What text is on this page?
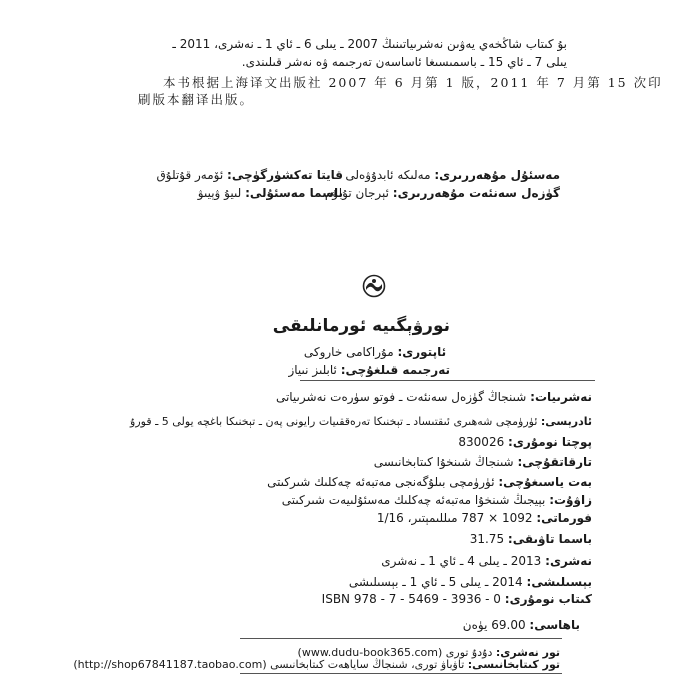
بۇ كىتاب شاڭخەي يەۋىن نەشرىياتىنىڭ 2007 ـ يىلى 6 ـ ئاي 1 ـ نەشرى، 2011 ـ
يىلى 7 ـ ئاي 15 ـ باسمىسىغا ئاساسەن تەرجىمە ۋە نەشر قىلىندى.
本书根据上海译文出版社 2007 年 6 月第 1 版，2011 年 7 月第 15 次印
刷版本翻译出版。
مەسئۇل مۇھەررىرى: مەلىكە ئابدۇۋەلى
قايتا تەكشۈرگۈچى: ئۆمەر قۇتلۇق
گۈزەل سەنئەت مۇھەررىرى: ئېرجان تۇلۇم
باسما مەسئۇلى: لىيۇ ۋېيىۋ
نورۋېگىيە ئورمانلىقى
ئاپتورى: مۇراكامى خاروكى
تەرجىمە قىلغۇچى: ئابلىز نىياز
نەشرىيات: شىنجاڭ گۈزەل سەنئەت ـ فوتو سۈرەت نەشرىياتى
ئادرېسى: ئۈرۈمچى شەھىرى ئىقتىساد ـ تېخنىكا تەرەققىيات رايونى پەن ـ تېخنىكا باغچە يولى 5 ـ قورۇ
پوچتا نومۇرى: 830026
تارقاتقۇچى: شىنجاڭ شىنخۇا كىتابخانىسى
بەت ياسىغۇچى: ئۈرۈمچى بىلۇگەنجى مەتبەئە چەكلىك شىركىتى
زاۋۇت: بېيجىڭ شىنخۇا مەتبەئە چەكلىك مەسئۇلىيەت شىركىتى
فورماتى: 1092 × 787 مىللىمېتىر، 1/16
باسما تاۋىقى: 31.75
نەشرى: 2013 ـ يىلى 4 ـ ئاي 1 ـ نەشرى
بېسىلىشى: 2014 ـ يىلى 5 ـ ئاي 1 ـ بېسىلىشى
كىتاب نومۇرى: ISBN 978 - 7 - 5469 - 3936 - 0
باھاسى: 69.00 يۈەن
تور نەشرى: دۇدۇ تورى (www.dudu-book365.com)
تور كىتابخانىسى: تاۋباۋ تورى، شىنجاڭ ساياھەت كىتابخانىسى (http://shop67841187.taobao.com)
